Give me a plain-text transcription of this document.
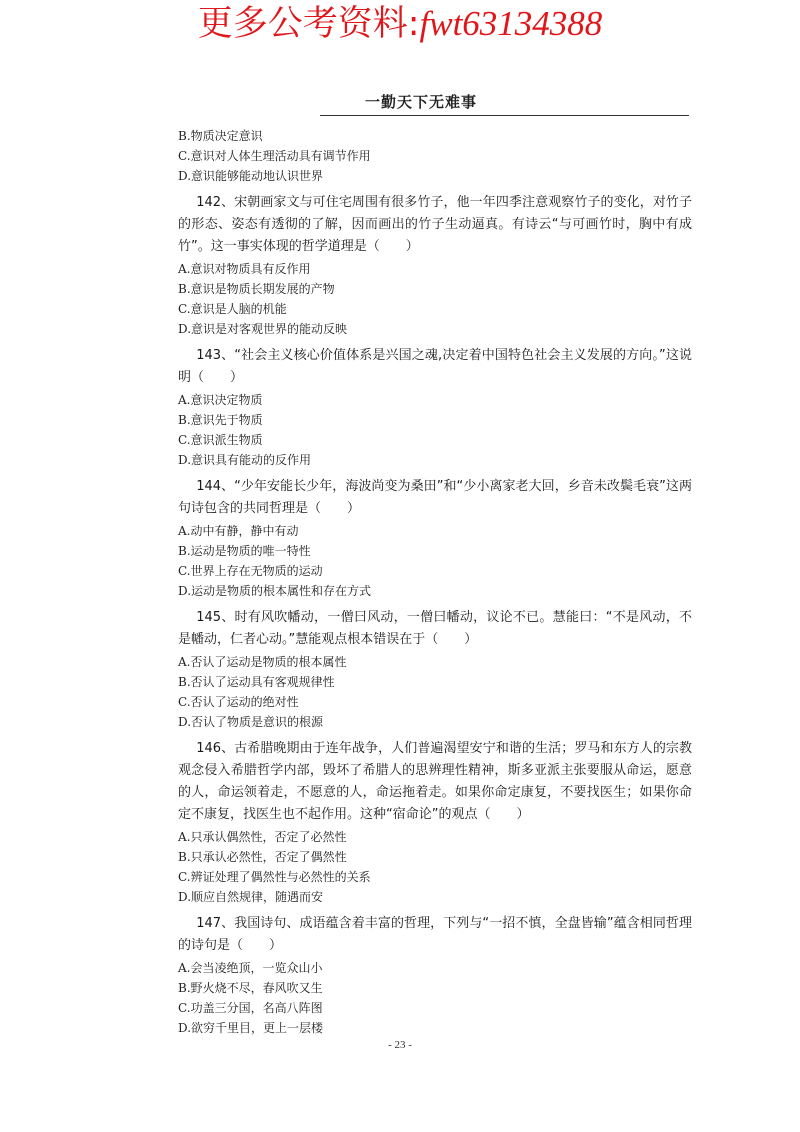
更多公考资料:fwt63134388
一勤天下无难事
B.物质决定意识
C.意识对人体生理活动具有调节作用
D.意识能够能动地认识世界
142、宋朝画家文与可住宅周围有很多竹子，他一年四季注意观察竹子的变化，对竹子的形态、姿态有透彻的了解，因而画出的竹子生动逼真。有诗云“与可画竹时，胸中有成竹”。这一事实体现的哲学道理是（　　）
A.意识对物质具有反作用
B.意识是物质长期发展的产物
C.意识是人脑的机能
D.意识是对客观世界的能动反映
143、“社会主义核心价值体系是兴国之魂,决定着中国特色社会主义发展的方向。”这说明（　　）
A.意识决定物质
B.意识先于物质
C.意识派生物质
D.意识具有能动的反作用
144、“少年安能长少年，海波尚变为桑田”和“少小离家老大回，乡音未改鬓毛衰”这两句诗包含的共同哲理是（　　）
A.动中有静，静中有动
B.运动是物质的唯一特性
C.世界上存在无物质的运动
D.运动是物质的根本属性和存在方式
145、时有风吹幡动，一僧曰风动，一僧曰幡动，议论不已。慧能曰：“不是风动，不是幡动，仁者心动。”慧能观点根本错误在于（　　）
A.否认了运动是物质的根本属性
B.否认了运动具有客观规律性
C.否认了运动的绝对性
D.否认了物质是意识的根源
146、古希腊晚期由于连年战争，人们普遍渴望安宁和谐的生活；罗马和东方人的宗教观念侵入希腊哲学内部，毁坏了希腊人的思辨理性精神，斯多亚派主张要服从命运，愿意的人，命运领着走，不愿意的人，命运拖着走。如果你命定康复，不要找医生；如果你命定不康复，找医生也不起作用。这种“宿命论”的观点（　　）
A.只承认偶然性，否定了必然性
B.只承认必然性，否定了偶然性
C.辨证处理了偶然性与必然性的关系
D.顺应自然规律，随遇而安
147、我国诗句、成语蕴含着丰富的哲理，下列与“一招不慎，全盘皆输”蕴含相同哲理的诗句是（　　）
A.会当凌绝顶，一览众山小
B.野火烧不尽，春风吹又生
C.功盖三分国，名高八阵图
D.欲穷千里目，更上一层楼
- 23 -
